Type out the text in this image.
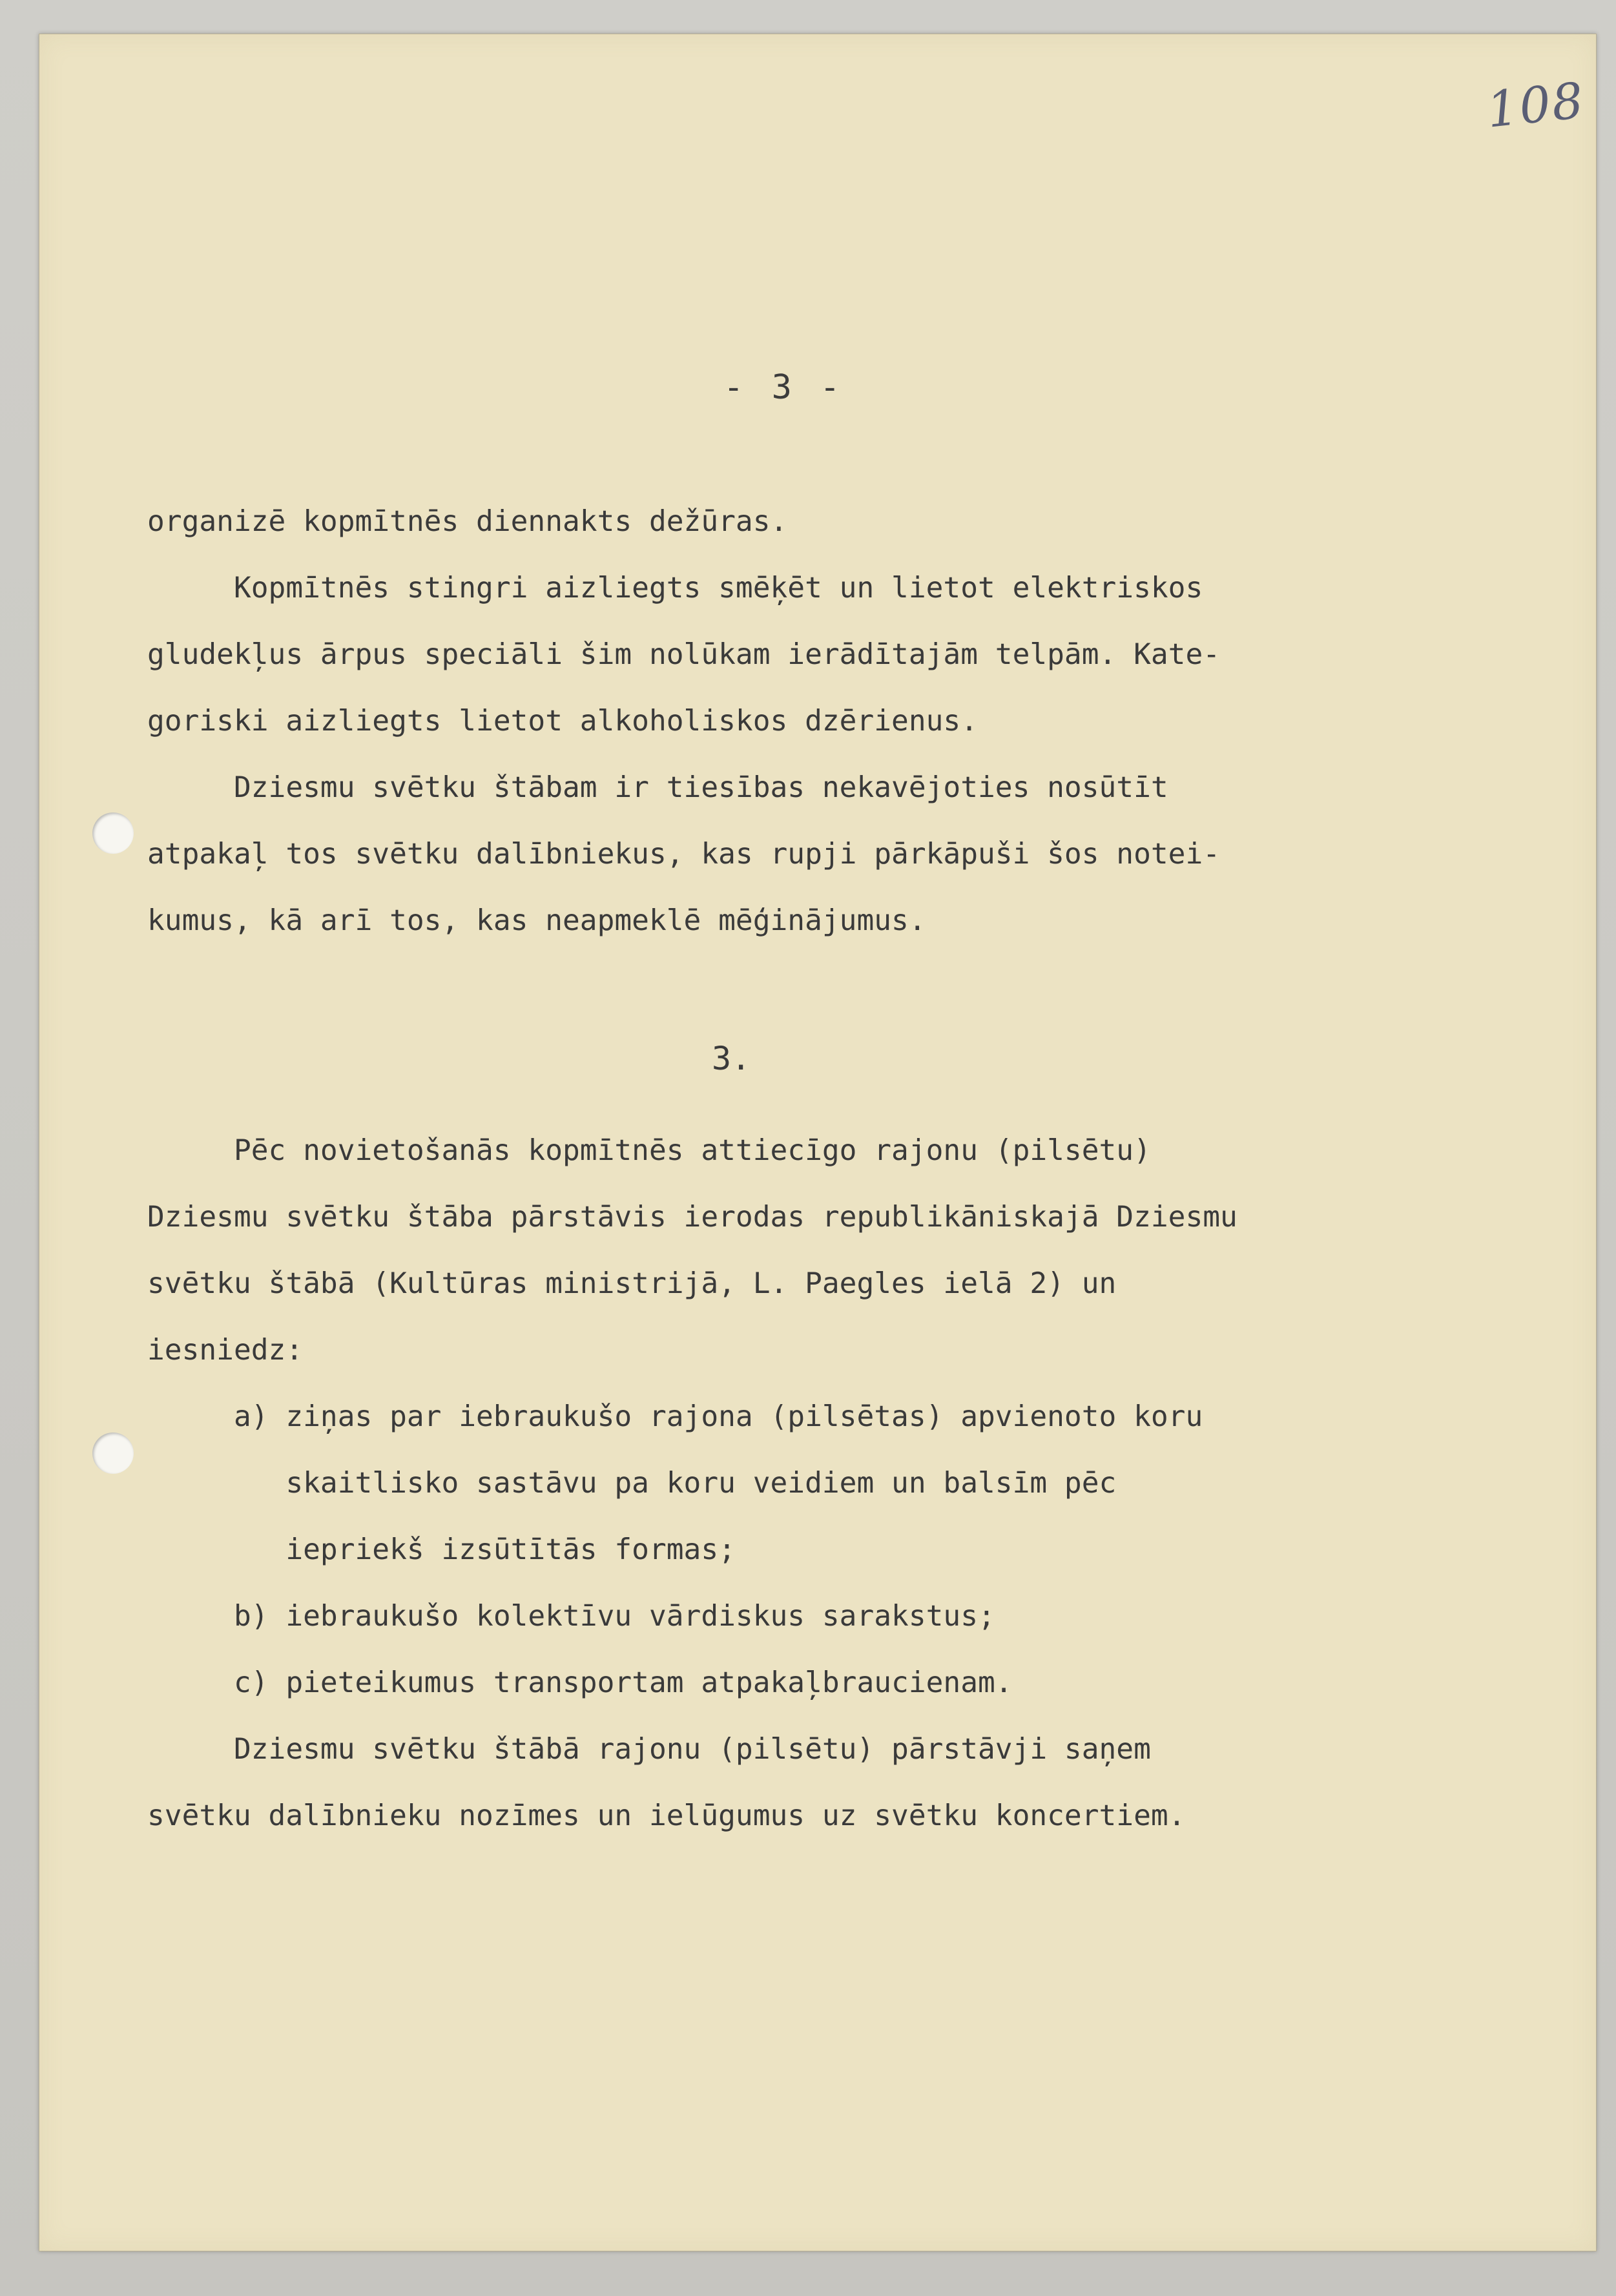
108
- 3 -
organizē kopmītnēs diennakts dežūras.
Kopmītnēs stingri aizliegts smēķēt un lietot elektriskos
gludekļus ārpus speciāli šim nolūkam ierādītajām telpām. Kate-
goriski aizliegts lietot alkoholiskos dzērienus.
Dziesmu svētku štābam ir tiesības nekavējoties nosūtīt
atpakaļ tos svētku dalībniekus, kas rupji pārkāpuši šos notei-
kumus, kā arī tos, kas neapmeklē mēģinājumus.
3.
Pēc novietošanās kopmītnēs attiecīgo rajonu (pilsētu)
Dziesmu svētku štāba pārstāvis ierodas republikāniskajā Dziesmu
svētku štābā (Kultūras ministrijā, L. Paegles ielā 2) un
iesniedz:
a) ziņas par iebraukušo rajona (pilsētas) apvienoto koru
skaitlisko sastāvu pa koru veidiem un balsīm pēc
iepriekš izsūtītās formas;
b) iebraukušo kolektīvu vārdiskus sarakstus;
c) pieteikumus transportam atpakaļbraucienam.
Dziesmu svētku štābā rajonu (pilsētu) pārstāvji saņem
svētku dalībnieku nozīmes un ielūgumus uz svētku koncertiem.
